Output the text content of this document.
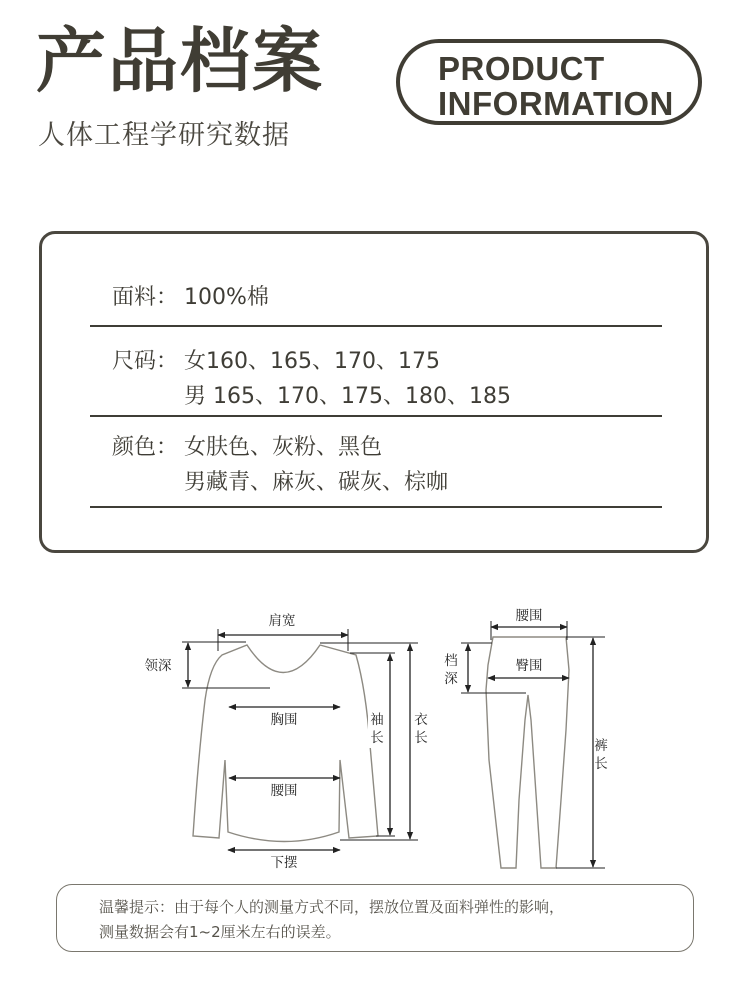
产品档案
人体工程学研究数据
PRODUCT
INFORMATION
面料： 100%棉
尺码： 女160、165、170、175
男 165、170、175、180、185
颜色： 女肤色、灰粉、黑色
男藏青、麻灰、碳灰、棕咖
肩宽
领深
胸围
腰围
下摆
袖
长
衣
长
腰围
档
深
臀围
裤
长
温馨提示：由于每个人的测量方式不同，摆放位置及面料弹性的影响，
测量数据会有1~2厘米左右的误差。
